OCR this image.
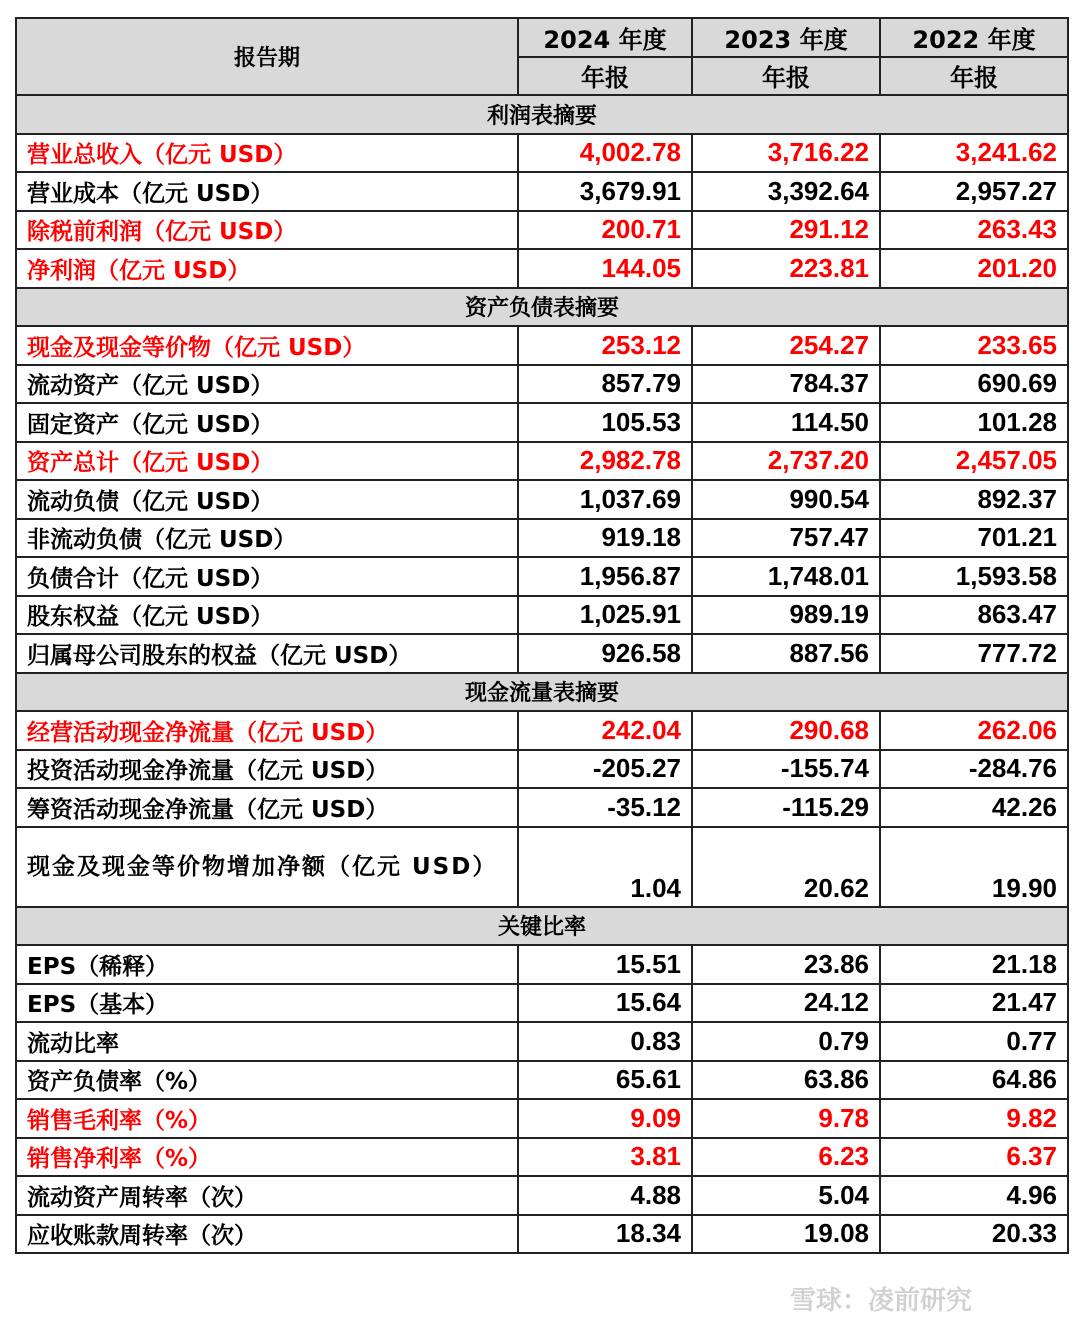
报告期	2024 年度	2023 年度	2022 年度
	年报	年报	年报
利润表摘要			
营业总收入（亿元 USD）	4,002.78	3,716.22	3,241.62
营业成本（亿元 USD）	3,679.91	3,392.64	2,957.27
除税前利润（亿元 USD）	200.71	291.12	263.43
净利润（亿元 USD）	144.05	223.81	201.20
资产负债表摘要			
现金及现金等价物（亿元 USD）	253.12	254.27	233.65
流动资产（亿元 USD）	857.79	784.37	690.69
固定资产（亿元 USD）	105.53	114.50	101.28
资产总计（亿元 USD）	2,982.78	2,737.20	2,457.05
流动负债（亿元 USD）	1,037.69	990.54	892.37
非流动负债（亿元 USD）	919.18	757.47	701.21
负债合计（亿元 USD）	1,956.87	1,748.01	1,593.58
股东权益（亿元 USD）	1,025.91	989.19	863.47
归属母公司股东的权益（亿元 USD）	926.58	887.56	777.72
现金流量表摘要			
经营活动现金净流量（亿元 USD）	242.04	290.68	262.06
投资活动现金净流量（亿元 USD）	-205.27	-155.74	-284.76
筹资活动现金净流量（亿元 USD）	-35.12	-115.29	42.26
现金及现金等价物增加净额（亿元 USD）	1.04	20.62	19.90
关键比率			
EPS（稀释）	15.51	23.86	21.18
EPS（基本）	15.64	24.12	21.47
流动比率	0.83	0.79	0.77
资产负债率（%）	65.61	63.86	64.86
销售毛利率（%）	9.09	9.78	9.82
销售净利率（%）	3.81	6.23	6.37
流动资产周转率（次）	4.88	5.04	4.96
应收账款周转率（次）	18.34	19.08	20.33
雪球：凌前研究
